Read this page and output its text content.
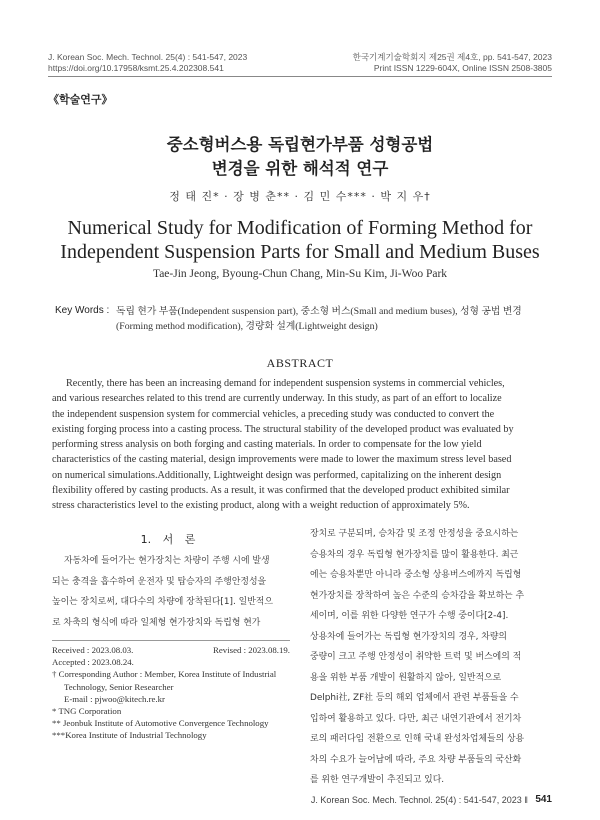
J. Korean Soc. Mech. Technol. 25(4) : 541-547, 2023
https://doi.org/10.17958/ksmt.25.4.202308.541
한국기계기술학회지 제25권 제4호, pp. 541-547, 2023
Print ISSN 1229-604X, Online ISSN 2508-3805
《학술연구》
중소형버스용 독립현가부품 성형공법
변경을 위한 해석적 연구
정 태 진* · 장 병 춘** · 김 민 수*** · 박 지 우†
Numerical Study for Modification of Forming Method for
Independent Suspension Parts for Small and Medium Buses
Tae-Jin Jeong, Byoung-Chun Chang, Min-Su Kim, Ji-Woo Park
Key Words : 독립 현가 부품(Independent suspension part), 중소형 버스(Small and medium buses), 성형 공법 변경
(Forming method modification), 경량화 설계(Lightweight design)
ABSTRACT
Recently, there has been an increasing demand for independent suspension systems in commercial vehicles,
and various researches related to this trend are currently underway. In this study, as part of an effort to localize
the independent suspension system for commercial vehicles, a preceding study was conducted to convert the
existing forging process into a casting process. The structural stability of the developed product was evaluated by
performing stress analysis on both forging and casting materials. In order to compensate for the low yield
characteristics of the casting material, design improvements were made to lower the maximum stress level based
on numerical simulations.Additionally, Lightweight design was performed, capitalizing on the inherent design
flexibility offered by casting products. As a result, it was confirmed that the developed product exhibited similar
stress characteristics level to the existing product, along with a weight reduction of approximately 5%.
1. 서 론
자동차에 들어가는 현가장치는 차량이 주행 시에 발생
되는 충격을 흡수하여 운전자 및 탑승자의 주행안정성을
높이는 장치로써, 대다수의 차량에 장착된다[1]. 일반적으
로 차축의 형식에 따라 일체형 현가장치와 독립형 현가
Received : 2023.08.03.	Revised : 2023.08.19.
Accepted : 2023.08.24.
† Corresponding Author : Member, Korea Institute of Industrial
Technology, Senior Researcher
E-mail : pjwoo@kitech.re.kr
* TNG Corporation
** Jeonbuk Institute of Automotive Convergence Technology
***Korea Institute of Industrial Technology
장치로 구분되며, 승차감 및 조정 안정성을 중요시하는
승용차의 경우 독립형 현가장치를 많이 활용한다. 최근
에는 승용차뿐만 아니라 중소형 상용버스에까지 독립형
현가장치를 장착하여 높은 수준의 승차감을 확보하는 추
세이며, 이를 위한 다양한 연구가 수행 중이다[2-4].
상용차에 들어가는 독립형 현가장치의 경우, 차량의
중량이 크고 주행 안정성이 취약한 트럭 및 버스에의 적
용을 위한 부품 개발이 원활하지 않아, 일반적으로
Delphi社, ZF社 등의 해외 업체에서 관련 부품들을 수
입하여 활용하고 있다. 다만, 최근 내연기관에서 전기차
로의 패러다임 전환으로 인해 국내 완성차업체들의 상용
차의 수요가 늘어남에 따라, 주요 차량 부품들의 국산화
를 위한 연구개발이 추진되고 있다.
J. Korean Soc. Mech. Technol. 25(4) : 541-547, 2023 ‖ 541
